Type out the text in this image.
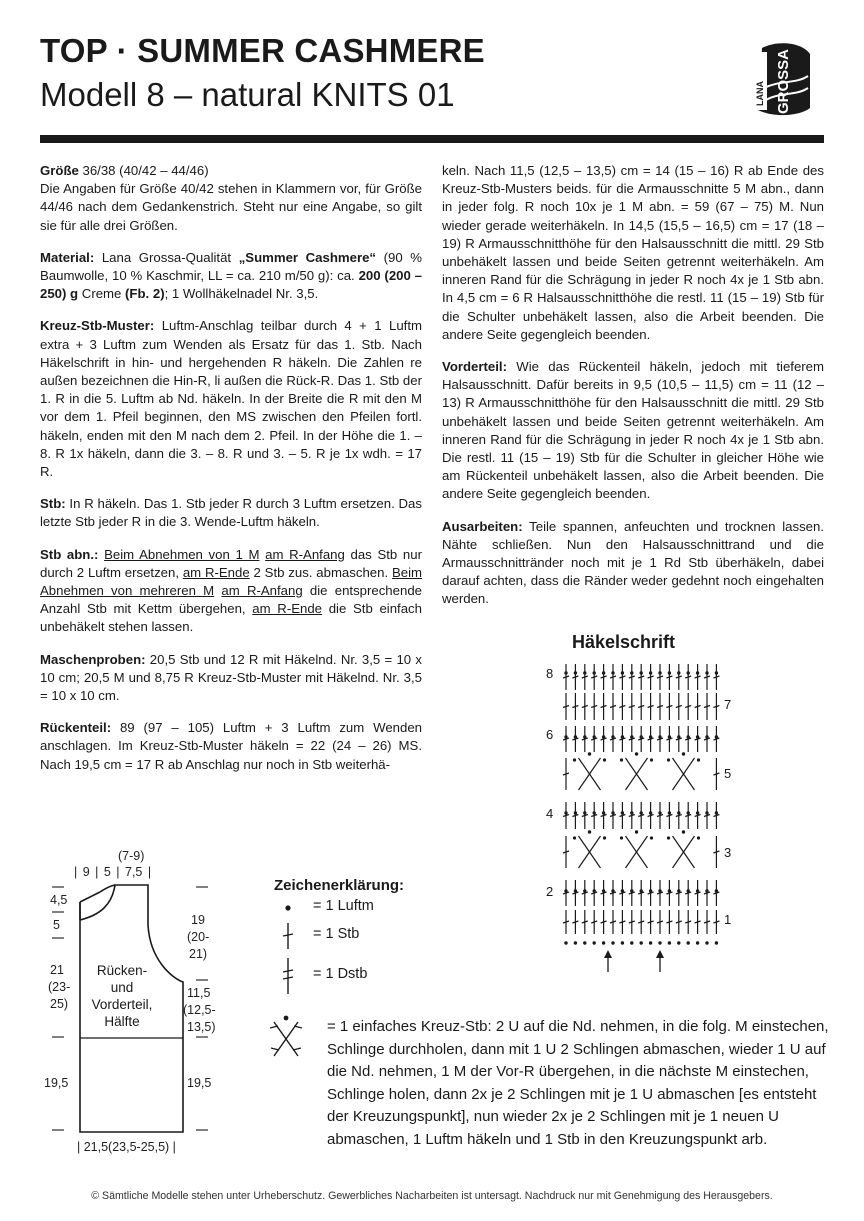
TOP · SUMMER CASHMERE
Modell 8 – natural KNITS 01	LANA GROSSA

Größe 36/38 (40/42 – 44/46)
Die Angaben für Größe 40/42 stehen in Klammern vor, für Größe 44/46 nach dem Gedankenstrich. Steht nur eine Angabe, so gilt sie für alle drei Größen.

Material: Lana Grossa-Qualität „Summer Cashmere“ (90 % Baumwolle, 10 % Kaschmir, LL = ca. 210 m/50 g): ca. 200 (200 – 250) g Creme (Fb. 2); 1 Wollhäkelnadel Nr. 3,5.

Kreuz-Stb-Muster: Luftm-Anschlag teilbar durch 4 + 1 Luftm extra + 3 Luftm zum Wenden als Ersatz für das 1. Stb. Nach Häkelschrift in hin- und hergehenden R häkeln. Die Zahlen re außen bezeichnen die Hin-R, li außen die Rück-R. Das 1. Stb der 1. R in die 5. Luftm ab Nd. häkeln. In der Breite die R mit den M vor dem 1. Pfeil beginnen, den MS zwischen den Pfeilen fortl. häkeln, enden mit den M nach dem 2. Pfeil. In der Höhe die 1. – 8. R 1x häkeln, dann die 3. – 8. R und 3. – 5. R je 1x wdh. = 17 R.

Stb: In R häkeln. Das 1. Stb jeder R durch 3 Luftm ersetzen. Das letzte Stb jeder R in die 3. Wende-Luftm häkeln.

Stb abn.: Beim Abnehmen von 1 M am R-Anfang das Stb nur durch 2 Luftm ersetzen, am R-Ende 2 Stb zus. abmaschen. Beim Abnehmen von mehreren M am R-Anfang die entsprechende Anzahl Stb mit Kettm übergehen, am R-Ende die Stb einfach unbehäkelt stehen lassen.

Maschenproben: 20,5 Stb und 12 R mit Häkelnd. Nr. 3,5 = 10 x 10 cm; 20,5 M und 8,75 R Kreuz-Stb-Muster mit Häkelnd. Nr. 3,5 = 10 x 10 cm.

Rückenteil: 89 (97 – 105) Luftm + 3 Luftm zum Wenden anschlagen. Im Kreuz-Stb-Muster häkeln = 22 (24 – 26) MS. Nach 19,5 cm = 17 R ab Anschlag nur noch in Stb weiterhä-

keln. Nach 11,5 (12,5 – 13,5) cm = 14 (15 – 16) R ab Ende des Kreuz-Stb-Musters beids. für die Armausschnitte 5 M abn., dann in jeder folg. R noch 10x je 1 M abn. = 59 (67 – 75) M. Nun wieder gerade weiterhäkeln. In 14,5 (15,5 – 16,5) cm = 17 (18 – 19) R Armausschnitthöhe für den Halsausschnitt die mittl. 29 Stb unbehäkelt lassen und beide Seiten getrennt weiterhäkeln. Am inneren Rand für die Schrägung in jeder R noch 4x je 1 Stb abn. In 4,5 cm = 6 R Halsausschnitthöhe die restl. 11 (15 – 19) Stb für die Schulter unbehäkelt lassen, also die Arbeit beenden. Die andere Seite gegengleich beenden.

Vorderteil: Wie das Rückenteil häkeln, jedoch mit tieferem Halsausschnitt. Dafür bereits in 9,5 (10,5 – 11,5) cm = 11 (12 – 13) R Armausschnitthöhe für den Halsausschnitt die mittl. 29 Stb unbehäkelt lassen und beide Seiten getrennt weiterhäkeln. Am inneren Rand für die Schrägung in jeder R noch 4x je 1 Stb abn. Die restl. 11 (15 – 19) Stb für die Schulter in gleicher Höhe wie am Rückenteil unbehäkelt lassen, also die Arbeit beenden. Die andere Seite gegengleich beenden.

Ausarbeiten: Teile spannen, anfeuchten und trocknen lassen. Nähte schließen. Nun den Halsausschnittrand und die Armausschnittränder noch mit je 1 Rd Stb überhäkeln, dabei darauf achten, dass die Ränder weder gedehnt noch eingehalten werden.

Häkelschrift
8
6
4
2
7
5
3
1
Zeichenerklärung:
= 1 Luftm
= 1 Stb
= 1 Dstb
= 1 einfaches Kreuz-Stb: 2 U auf die Nd. nehmen, in die folg. M einstechen, Schlinge durchholen, dann mit 1 U 2 Schlingen abmaschen, wieder 1 U auf die Nd. nehmen, 1 M der Vor-R übergehen, in die nächste M einstechen, Schlinge holen, dann 2x je 2 Schlingen mit je 1 U abmaschen [es entsteht der Kreuzungspunkt], nun wieder 2x je 2 Schlingen mit je 1 neuen U abmaschen, 1 Luftm häkeln und 1 Stb in den Kreuzungspunkt arb.
(7-9)
| 9 | 5 | 7,5 |
4,5
5
21
(23-
25)
19,5
19
(20-
21)
11,5
(12,5-
13,5)
19,5
Rücken-
und
Vorderteil,
Hälfte
| 21,5(23,5-25,5) |
© Sämtliche Modelle stehen unter Urheberschutz. Gewerbliches Nacharbeiten ist untersagt. Nachdruck nur mit Genehmigung des Herausgebers.
